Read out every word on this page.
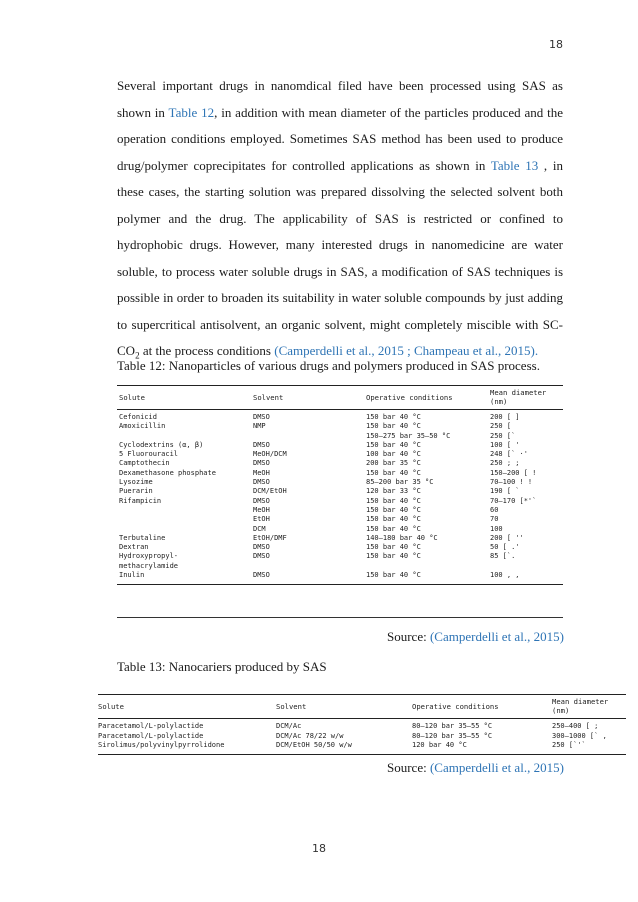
18
Several important drugs in nanomdical filed have been processed using SAS as shown in Table 12, in addition with mean diameter of the particles produced and the operation conditions employed. Sometimes SAS method has been used to produce drug/polymer coprecipitates for controlled applications as shown in Table 13 , in these cases, the starting solution was prepared dissolving the selected solvent both polymer and the drug. The applicability of SAS is restricted or confined to hydrophobic drugs. However, many interested drugs in nanomedicine are water soluble, to process water soluble drugs in SAS, a modification of SAS techniques is possible in order to broaden its suitability in water soluble compounds by just adding to supercritical antisolvent, an organic solvent, might completely miscible with $SC-CO_2$ at the process conditions (Camperdelli et al., 2015 ; Champeau et al., 2015).
Table 12: Nanoparticles of various drugs and polymers produced in SAS process.
Solute	Solvent	Operative conditions	Mean diameter (nm)
Cefonicid	DMSO	150 bar 40 °C	200 [ ]
Amoxicillin	NMP	150 bar 40 °C	250 [
		150–275 bar 35–50 °C	250 [`
Cyclodextrins (α, β)	DMSO	150 bar 40 °C	100 [ '
5 Fluorouracil	MeOH/DCM	100 bar 40 °C	248 [` ·'
Camptothecin	DMSO	200 bar 35 °C	250 ; ;
Dexamethasone phosphate	MeOH	150 bar 40 °C	150–200 [ !
Lysozime	DMSO	85–200 bar 35 °C	70–100 ! !
Puerarin	DCM/EtOH	120 bar 33 °C	190 [ `
Rifampicin	DMSO	150 bar 40 °C	70–170 [*'`
	MeOH	150 bar 40 °C	60
	EtOH	150 bar 40 °C	70
	DCM	150 bar 40 °C	100
Terbutaline	EtOH/DMF	140–180 bar 40 °C	200 [ ''
Dextran	DMSO	150 bar 40 °C	50 [ .'
Hydroxypropyl-	DMSO	150 bar 40 °C	85 [`.
methacrylamide			
Inulin	DMSO	150 bar 40 °C	100 , ,
Source: (Camperdelli et al., 2015)
Table 13: Nanocariers produced by SAS
Solute	Solvent	Operative conditions	Mean diameter (nm)
Paracetamol/L-polylactide	DCM/Ac	80–120 bar 35–55 °C	250–400 [ ;
Paracetamol/L-polylactide	DCM/Ac 78/22 w/w	80–120 bar 35–55 °C	300–1000 [` ,
Sirolimus/polyvinylpyrrolidone	DCM/EtOH 50/50 w/w	120 bar 40 °C	250 [`'`
Source: (Camperdelli et al., 2015)
18
